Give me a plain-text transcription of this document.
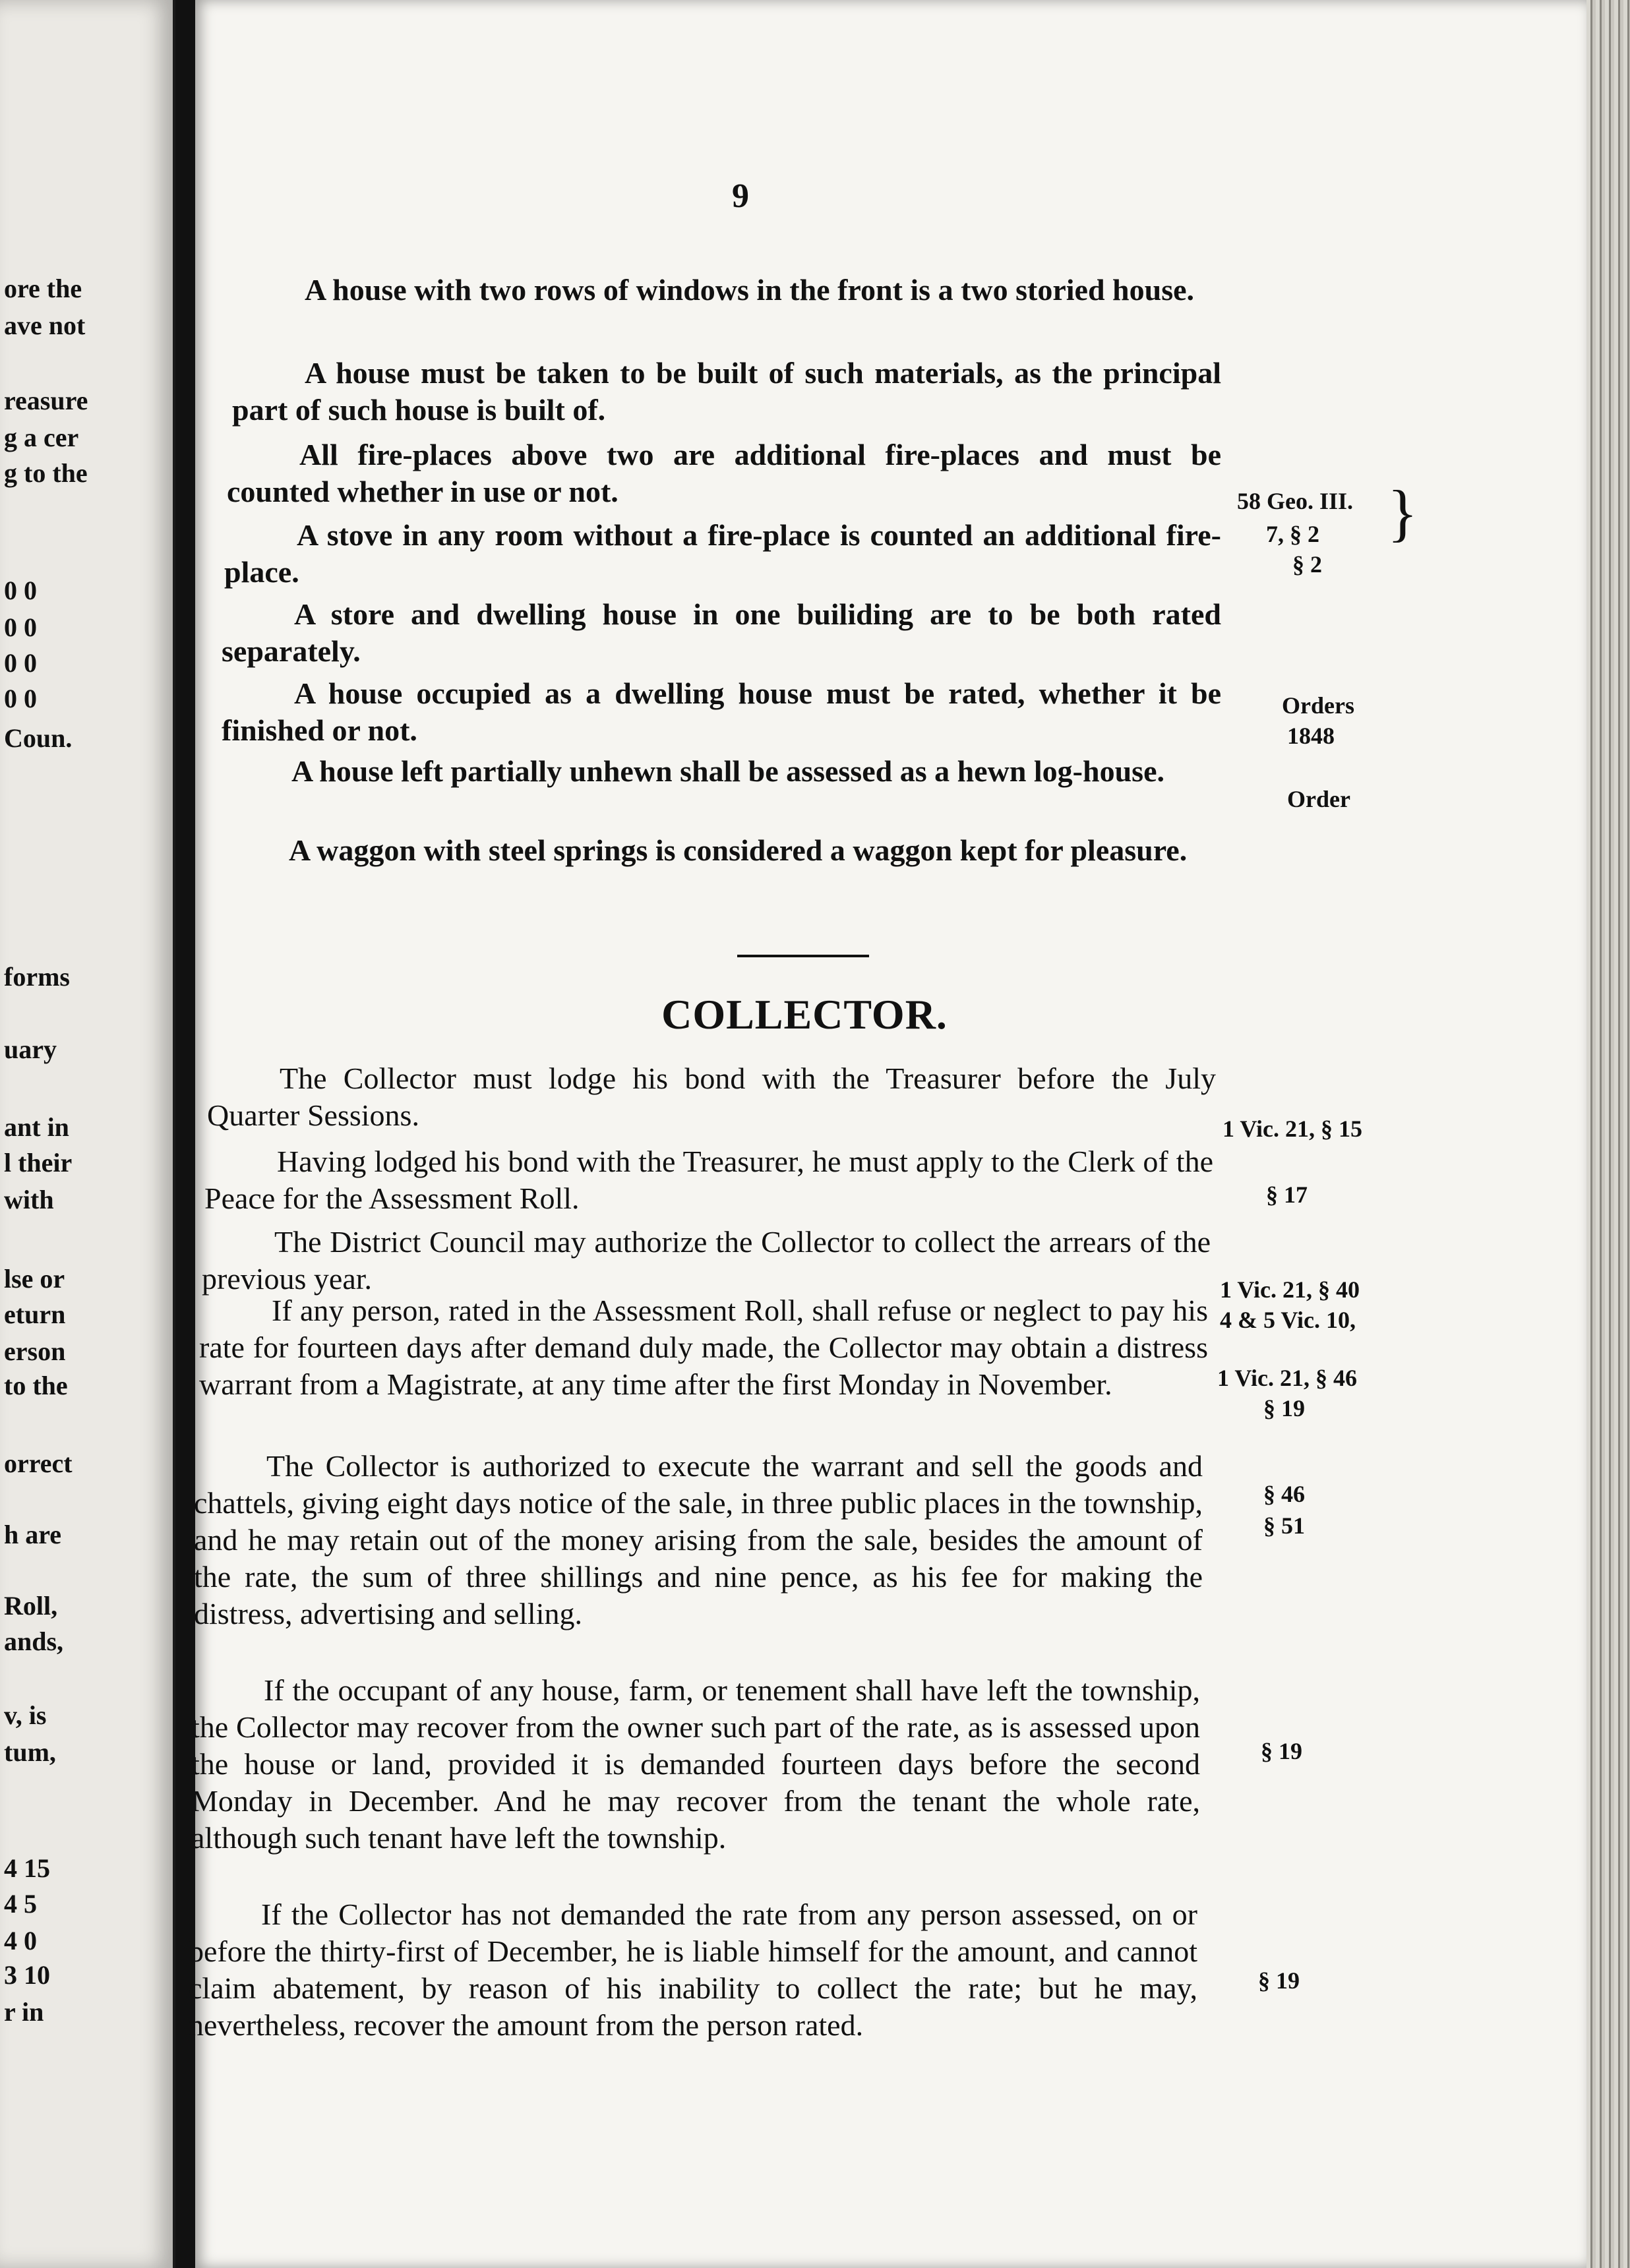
ore the
ave not
reasure
g a cer
g to the
0 0
0 0
0 0
0 0
Coun.
forms
uary
ant in
l their
with
lse or
eturn
erson
to the
orrect
h are
Roll,
ands,
v, is
tum,
4 15
4 5
4 0
3 10
r in
9

A house with two rows of windows in the front is a two storied house.

A house must be taken to be built of such materials, as the principal part of such house is built of.

All fire-places above two are additional fire-places and must be counted whether in use or not.

A stove in any room without a fire-place is counted an additional fire-place.

A store and dwelling house in one builiding are to be both rated separately.

A house occupied as a dwelling house must be rated, whether it be finished or not.

A house left partially unhewn shall be assessed as a hewn log-house.

A waggon with steel springs is considered a waggon kept for pleasure.

58 Geo. III.
7, § 2
§ 2
}
Orders
1848
Order
COLLECTOR.

The Collector must lodge his bond with the Treasurer before the July Quarter Sessions.

Having lodged his bond with the Treasurer, he must apply to the Clerk of the Peace for the Assessment Roll.

The District Council may authorize the Collector to collect the arrears of the previous year.

If any person, rated in the Assessment Roll, shall refuse or neglect to pay his rate for fourteen days after demand duly made, the Collector may obtain a distress warrant from a Magistrate, at any time after the first Monday in November.

The Collector is authorized to execute the warrant and sell the goods and chattels, giving eight days notice of the sale, in three public places in the township, and he may retain out of the money arising from the sale, besides the amount of the rate, the sum of three shillings and nine pence, as his fee for making the distress, advertising and selling.

If the occupant of any house, farm, or tenement shall have left the township, the Collector may recover from the owner such part of the rate, as is assessed upon the house or land, provided it is demanded fourteen days before the second Monday in December. And he may recover from the tenant the whole rate, although such tenant have left the township.

If the Collector has not demanded the rate from any person assessed, on or before the thirty-first of December, he is liable himself for the amount, and cannot claim abatement, by reason of his inability to collect the rate; but he may, nevertheless, recover the amount from the person rated.

1 Vic. 21, § 15
§ 17
1 Vic. 21, § 40
4 & 5 Vic. 10,
1 Vic. 21, § 46
§ 19
§ 46
§ 51
§ 19
§ 19
